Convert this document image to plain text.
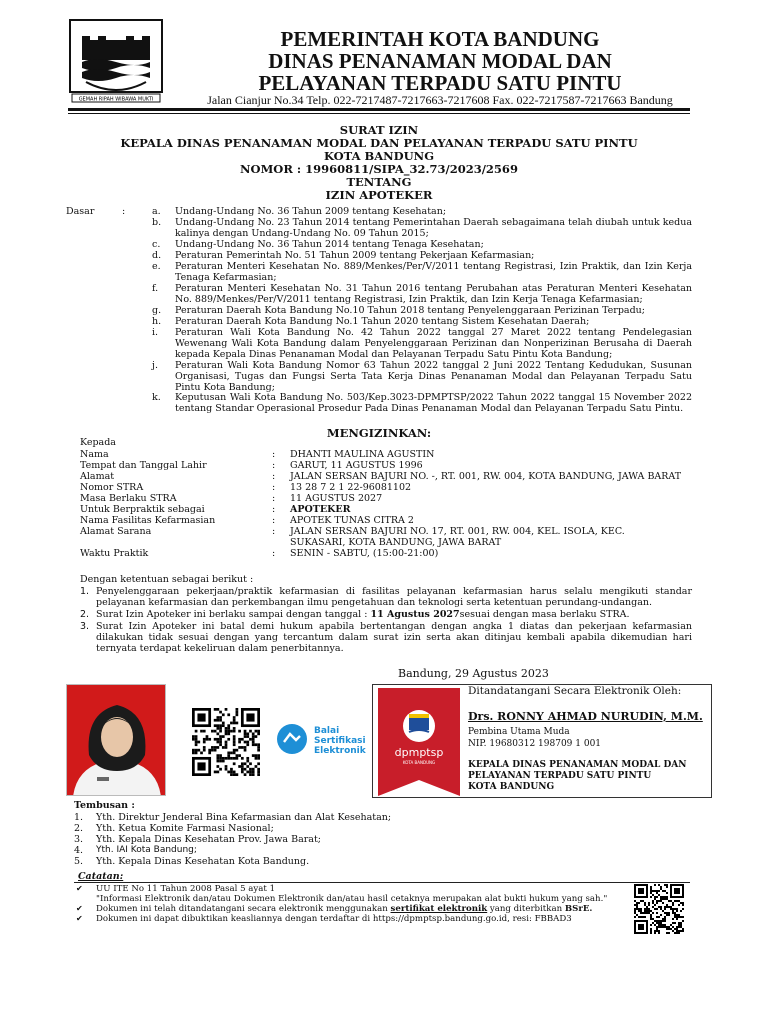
GEMAH RIPAH WIBAWA MUKTI
PEMERINTAH KOTA BANDUNG
DINAS PENANAMAN MODAL DAN
PELAYANAN TERPADU SATU PINTU
Jalan Cianjur No.34 Telp. 022-7217487-7217663-7217608 Fax. 022-7217587-7217663 Bandung
SURAT IZIN
KEPALA DINAS PENANAMAN MODAL DAN PELAYANAN TERPADU SATU PINTU
KOTA BANDUNG
NOMOR : 19960811/SIPA_32.73/2023/2569
TENTANG
IZIN APOTEKER
Dasar	:	a. Undang-Undang No. 36 Tahun 2009 tentang Kesehatan;
b. Undang-Undang No. 23 Tahun 2014 tentang Pemerintahan Daerah sebagaimana telah diubah untuk kedua kalinya dengan Undang-Undang No. 09 Tahun 2015;
c. Undang-Undang No. 36 Tahun 2014 tentang Tenaga Kesehatan;
d. Peraturan Pemerintah No. 51 Tahun 2009 tentang Pekerjaan Kefarmasian;
e. Peraturan Menteri Kesehatan No. 889/Menkes/Per/V/2011 tentang Registrasi, Izin Praktik, dan Izin Kerja Tenaga Kefarmasian;
f. Peraturan Menteri Kesehatan No. 31 Tahun 2016 tentang Perubahan atas Peraturan Menteri Kesehatan No. 889/Menkes/Per/V/2011 tentang Registrasi, Izin Praktik, dan Izin Kerja Tenaga Kefarmasian;
g. Peraturan Daerah Kota Bandung No.10 Tahun 2018 tentang Penyelenggaraan Perizinan Terpadu;
h. Peraturan Daerah Kota Bandung No.1 Tahun 2020 tentang Sistem Kesehatan Daerah;
i. Peraturan Wali Kota Bandung No. 42 Tahun 2022 tanggal 27 Maret 2022 tentang Pendelegasian Wewenang Wali Kota Bandung dalam Penyelenggaraan Perizinan dan Nonperizinan Berusaha di Daerah kepada Kepala Dinas Penanaman Modal dan Pelayanan Terpadu Satu Pintu Kota Bandung;
j. Peraturan Wali Kota Bandung Nomor 63 Tahun 2022 tanggal 2 Juni 2022 Tentang Kedudukan, Susunan Organisasi, Tugas dan Fungsi Serta Tata Kerja Dinas Penanaman Modal dan Pelayanan Terpadu Satu Pintu Kota Bandung;
k. Keputusan Wali Kota Bandung No. 503/Kep.3023-DPMPTSP/2022 Tahun 2022 tanggal 15 November 2022 tentang Standar Operasional Prosedur Pada Dinas Penanaman Modal dan Pelayanan Terpadu Satu Pintu.
MENGIZINKAN:
Kepada
Nama	: DHANTI MAULINA AGUSTIN
Tempat dan Tanggal Lahir	: GARUT, 11 AGUSTUS 1996
Alamat	: JALAN SERSAN BAJURI NO. -, RT. 001, RW. 004, KOTA BANDUNG, JAWA BARAT
Nomor STRA	: 13 28 7 2 1 22-96081102
Masa Berlaku STRA	: 11 AGUSTUS 2027
Untuk Berpraktik sebagai	: APOTEKER
Nama Fasilitas Kefarmasian	: APOTEK TUNAS CITRA 2
Alamat Sarana	: JALAN SERSAN BAJURI NO. 17, RT. 001, RW. 004, KEL. ISOLA, KEC.
SUKASARI, KOTA BANDUNG, JAWA BARAT
Waktu Praktik	: SENIN - SABTU, (15:00-21:00)
Dengan ketentuan sebagai berikut :
1. Penyelenggaraan pekerjaan/praktik kefarmasian di fasilitas pelayanan kefarmasian harus selalu mengikuti standar pelayanan kefarmasian dan perkembangan ilmu pengetahuan dan teknologi serta ketentuan perundang-undangan.
2. Surat Izin Apoteker ini berlaku sampai dengan tanggal : 11 Agustus 2027sesuai dengan masa berlaku STRA.
3. Surat Izin Apoteker ini batal demi hukum apabila bertentangan dengan angka 1 diatas dan pekerjaan kefarmasian dilakukan tidak sesuai dengan yang tercantum dalam surat izin serta akan ditinjau kembali apabila dikemudian hari ternyata terdapat kekeliruan dalam penerbitannya.
Bandung, 29 Agustus 2023
Balai
Sertifikasi
Elektronik	dpmptsp
KOTA BANDUNG
Ditandatangani Secara Elektronik Oleh:
Drs. RONNY AHMAD NURUDIN, M.M.
Pembina Utama Muda
NIP. 19680312 198709 1 001
KEPALA DINAS PENANAMAN MODAL DAN
PELAYANAN TERPADU SATU PINTU
KOTA BANDUNG
Tembusan :
1. Yth. Direktur Jenderal Bina Kefarmasian dan Alat Kesehatan;
2. Yth. Ketua Komite Farmasi Nasional;
3. Yth. Kepala Dinas Kesehatan Prov. Jawa Barat;
4. Yth. IAI Kota Bandung;
5. Yth. Kepala Dinas Kesehatan Kota Bandung.
Catatan:
✔ UU ITE No 11 Tahun 2008 Pasal 5 ayat 1
"Informasi Elektronik dan/atau Dokumen Elektronik dan/atau hasil cetaknya merupakan alat bukti hukum yang sah."
✔ Dokumen ini telah ditandatangani secara elektronik menggunakan sertifikat elektronik yang diterbitkan BSrE.
✔ Dokumen ini dapat dibuktikan keasliannya dengan terdaftar di https://dpmptsp.bandung.go.id, resi: FBBAD3
